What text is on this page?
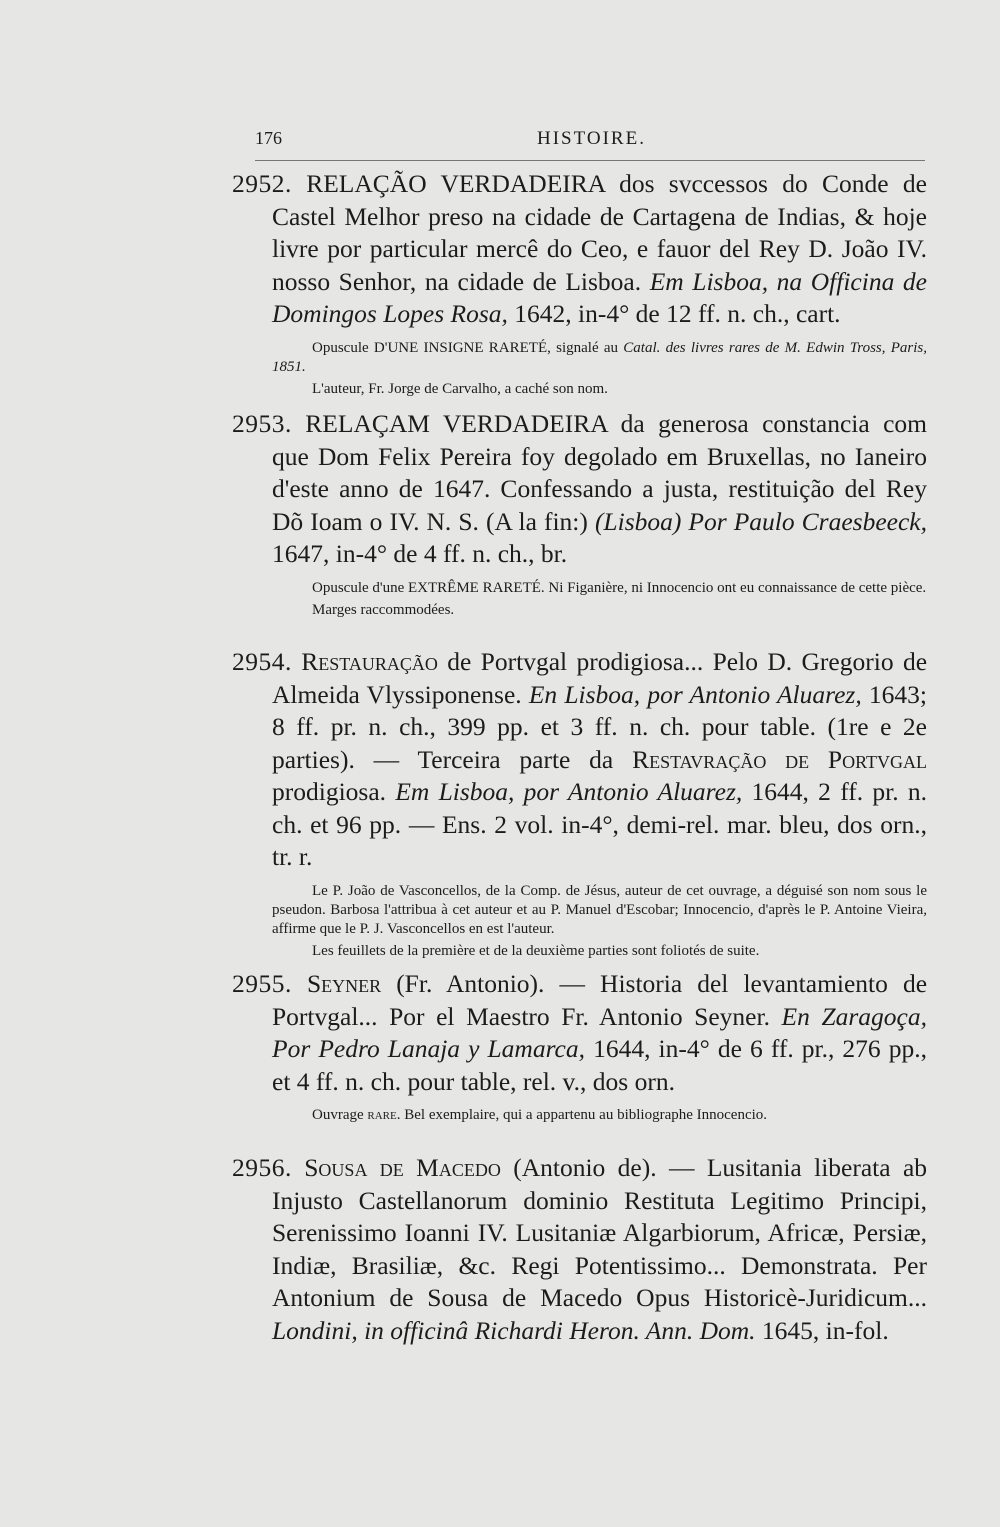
176	HISTOIRE.

2952. RELAÇÃO VERDADEIRA dos svccessos do Conde de Castel Melhor preso na cidade de Cartagena de Indias, & hoje livre por particular mercê do Ceo, e fauor del Rey D. João IV. nosso Senhor, na cidade de Lisboa. Em Lisboa, na Officina de Domingos Lopes Rosa, 1642, in-4° de 12 ff. n. ch., cart.

Opuscule D'UNE INSIGNE RARETÉ, signalé au Catal. des livres rares de M. Edwin Tross, Paris, 1851.

L'auteur, Fr. Jorge de Carvalho, a caché son nom.

2953. RELAÇAM VERDADEIRA da generosa constancia com que Dom Felix Pereira foy degolado em Bruxellas, no Ianeiro d'este anno de 1647. Confessando a justa, restituição del Rey Dõ Ioam o IV. N. S. (A la fin:) (Lisboa) Por Paulo Craesbeeck, 1647, in-4° de 4 ff. n. ch., br.

Opuscule d'une EXTRÊME RARETÉ. Ni Figanière, ni Innocencio ont eu connaissance de cette pièce.

Marges raccommodées.

2954. Restauração de Portvgal prodigiosa... Pelo D. Gregorio de Almeida Vlyssiponense. En Lisboa, por Antonio Aluarez, 1643; 8 ff. pr. n. ch., 399 pp. et 3 ff. n. ch. pour table. (1re e 2e parties). — Terceira parte da Restavração de Portvgal prodigiosa. Em Lisboa, por Antonio Aluarez, 1644, 2 ff. pr. n. ch. et 96 pp. — Ens. 2 vol. in-4°, demi-rel. mar. bleu, dos orn., tr. r.

Le P. João de Vasconcellos, de la Comp. de Jésus, auteur de cet ouvrage, a déguisé son nom sous le pseudon. Barbosa l'attribua à cet auteur et au P. Manuel d'Escobar; Innocencio, d'après le P. Antoine Vieira, affirme que le P. J. Vasconcellos en est l'auteur.

Les feuillets de la première et de la deuxième parties sont foliotés de suite.

2955. Seyner (Fr. Antonio). — Historia del levantamiento de Portvgal... Por el Maestro Fr. Antonio Seyner. En Zaragoça, Por Pedro Lanaja y Lamarca, 1644, in-4° de 6 ff. pr., 276 pp., et 4 ff. n. ch. pour table, rel. v., dos orn.

Ouvrage rare. Bel exemplaire, qui a appartenu au bibliographe Innocencio.

2956. Sousa de Macedo (Antonio de). — Lusitania liberata ab Injusto Castellanorum dominio Restituta Legitimo Principi, Serenissimo Ioanni IV. Lusitaniæ Algarbiorum, Africæ, Persiæ, Indiæ, Brasiliæ, &c. Regi Potentissimo... Demonstrata. Per Antonium de Sousa de Macedo Opus Historicè-Juridicum... Londini, in officinâ Richardi Heron. Ann. Dom. 1645, in-fol.
